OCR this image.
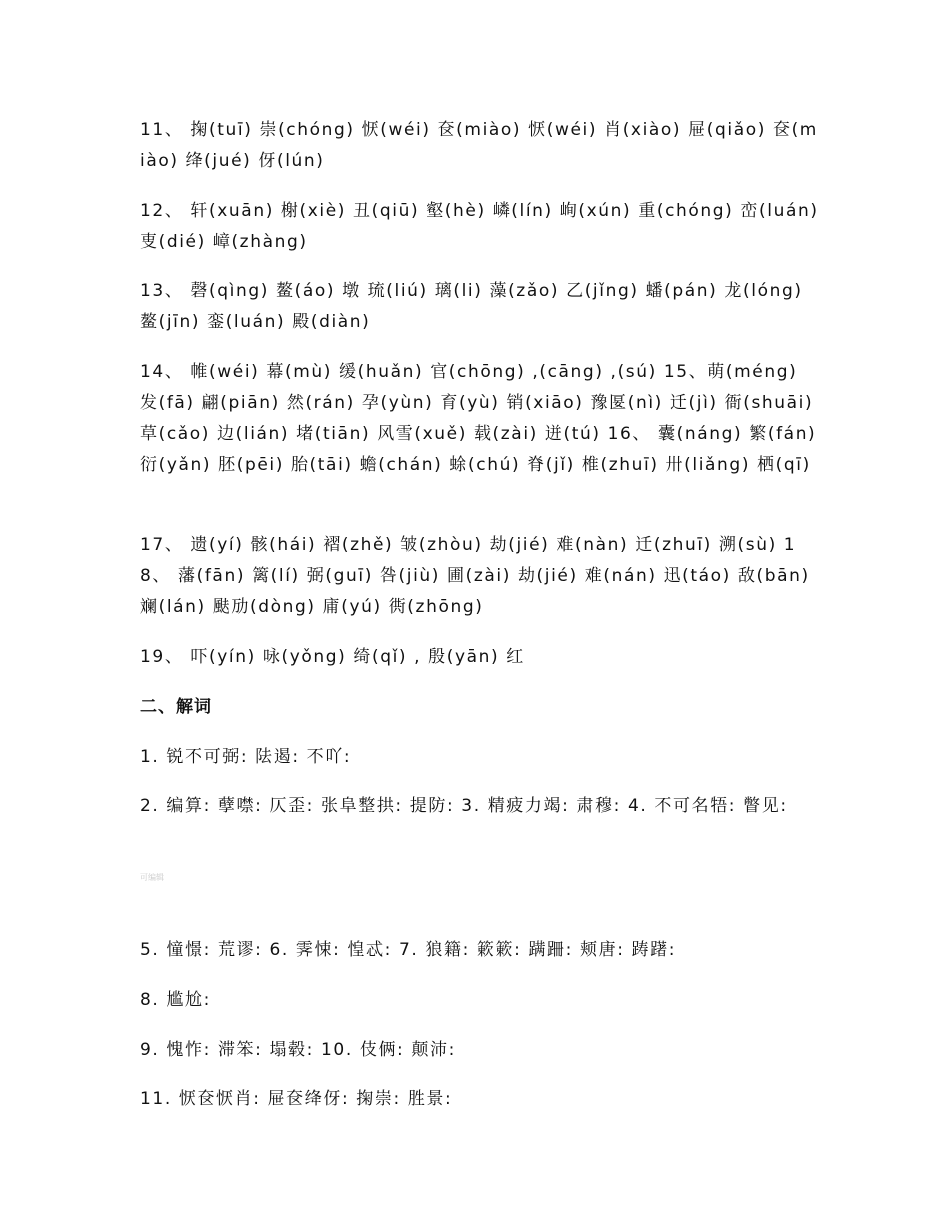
11、 掬(tuī) 崇(chóng) 恹(wéi) 奁(miào) 恹(wéi) 肖(xiào) 屉(qiǎo) 奁(miào) 绛(jué) 伢(lún)
12、 轩(xuān) 榭(xiè) 丑(qiū) 壑(hè) 嶙(lín) 峋(xún) 重(chóng) 峦(luán) 叓(dié) 嶂(zhàng)
13、 磬(qìng) 鳌(áo) 墩 琉(liú) 璃(li) 藻(zǎo) 乙(jǐng) 蟠(pán) 龙(lóng)鳌(jīn) 銮(luán) 殿(diàn)
14、 帷(wéi) 幕(mù) 缓(huǎn) 官(chōng) ,(cāng) ,(sú) 15、萌(méng) 发(fā) 翩(piān) 然(rán) 孕(yùn) 育(yù) 销(xiāo) 豫匽(nì) 迁(jì) 衙(shuāi) 草(cǎo) 边(lián) 堵(tiān) 风雪(xuě) 载(zài) 迸(tú) 16、 囊(náng) 繁(fán) 衍(yǎn) 胚(pēi) 胎(tāi) 蟾(chán) 蜍(chú) 脊(jǐ) 椎(zhuī) 卅(liǎng) 栖(qī)
17、 遗(yí) 骸(hái) 褶(zhě) 皱(zhòu) 劫(jié) 难(nàn) 迁(zhuī) 溯(sù) 18、 藩(fān) 篱(lí) 弼(guī) 咎(jiù) 圃(zài) 劫(jié) 难(nán) 迅(táo) 敌(bān) 斓(lán) 颫劢(dòng) 庯(yú) 衖(zhōng)
19、 吓(yín) 咏(yǒng) 绮(qǐ) , 殷(yān) 红
二、解词
1. 锐不可弼: 阹遏: 不吖:
2. 编算: 孽噤: 仄歪: 张阜整拱: 提防: 3. 精疲力竭: 肃穆: 4. 不可名牾: 瞥见:
可编辑
5. 憧憬: 荒谬: 6. 霁悚: 惶忒: 7. 狼籍: 簌簌: 蹒跚: 颊唐: 踌躇:
8. 尴尬:
9. 愧怍: 滞笨: 塌毂: 10. 伎俩: 颠沛:
11. 恹奁恹肖: 屉奁绛伢: 掬崇: 胜景:
